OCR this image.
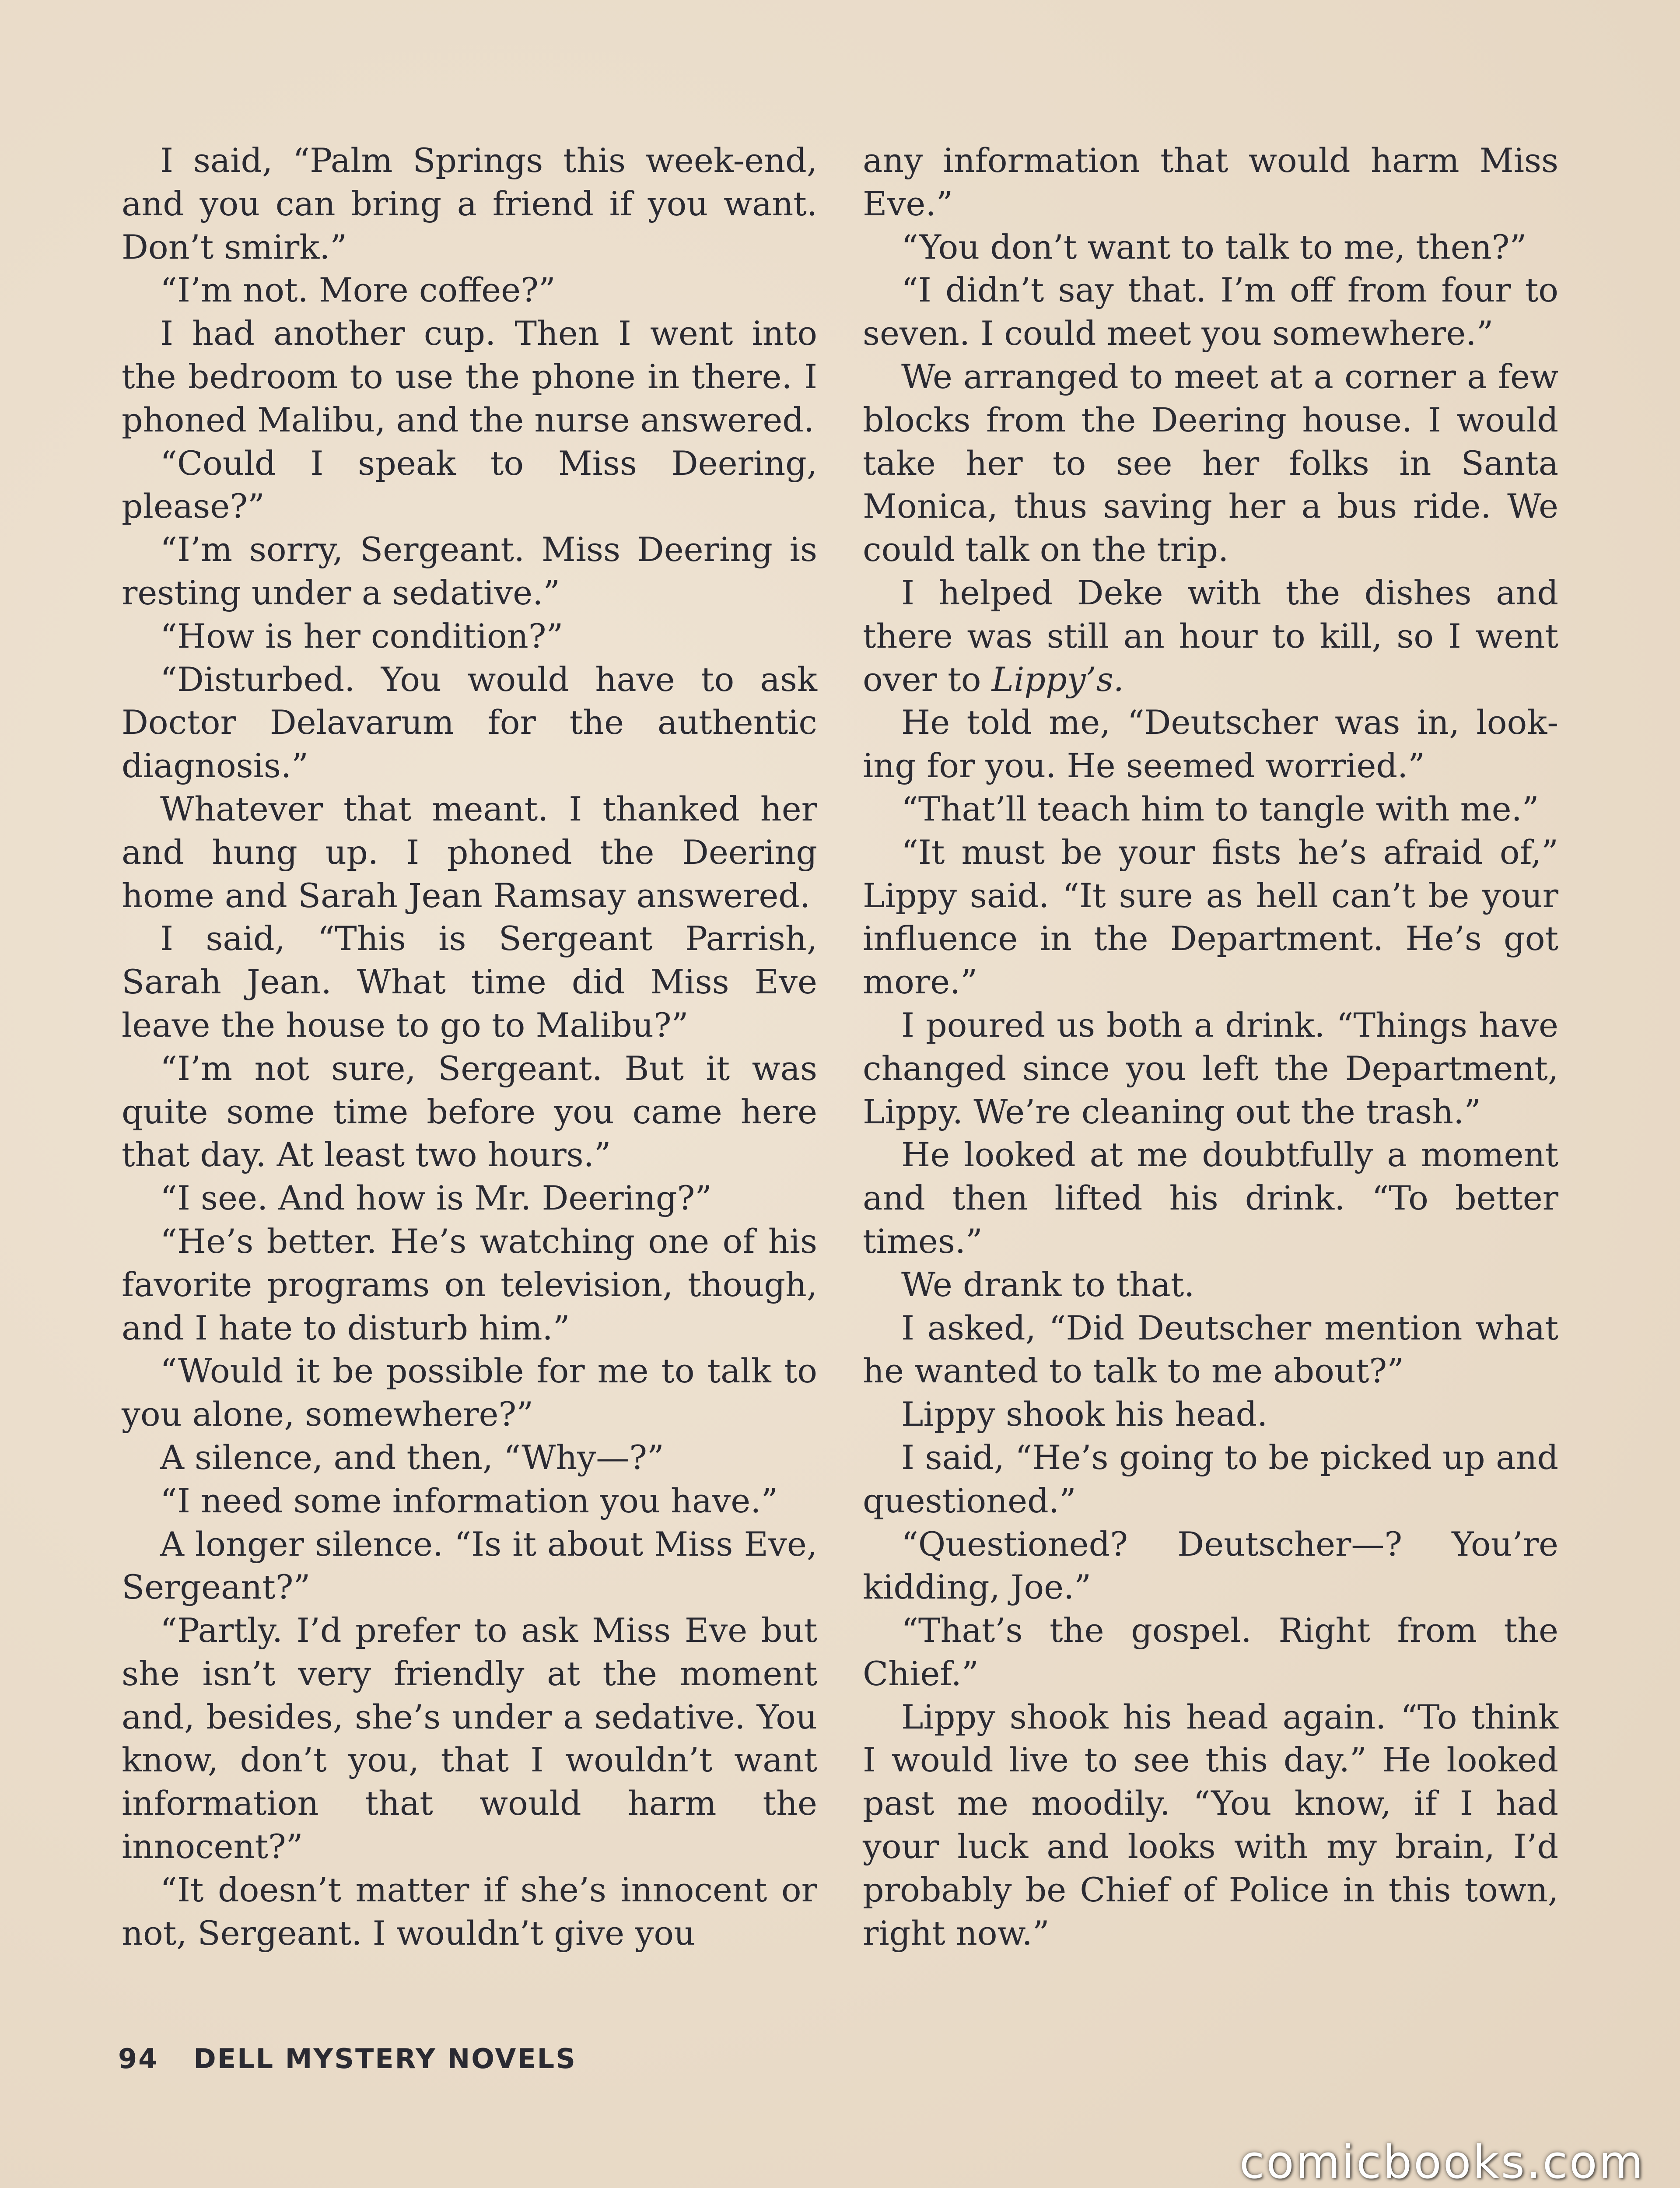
I said, “Palm Springs this week-end, and you can bring a friend if you want. Don’t smirk.”

“I’m not. More coffee?”

I had another cup. Then I went into the bedroom to use the phone in there. I phoned Malibu, and the nurse answered.

“Could I speak to Miss Deering, please?”

“I’m sorry, Sergeant. Miss Deering is resting under a sedative.”

“How is her condition?”

“Disturbed. You would have to ask Doctor Delavarum for the authentic diagnosis.”

Whatever that meant. I thanked her and hung up. I phoned the Deering home and Sarah Jean Ramsay answered.

I said, “This is Sergeant Parrish, Sarah Jean. What time did Miss Eve leave the house to go to Malibu?”

“I’m not sure, Sergeant. But it was quite some time before you came here that day. At least two hours.”

“I see. And how is Mr. Deering?”

“He’s better. He’s watching one of his favorite programs on television, though, and I hate to disturb him.”

“Would it be possible for me to talk to you alone, somewhere?”

A silence, and then, “Why—?”

“I need some information you have.”

A longer silence. “Is it about Miss Eve, Sergeant?”

“Partly. I’d prefer to ask Miss Eve but she isn’t very friendly at the moment and, besides, she’s under a sedative. You know, don’t you, that I wouldn’t want information that would harm the innocent?”

“It doesn’t matter if she’s innocent or not, Sergeant. I wouldn’t give you

any information that would harm Miss Eve.”

“You don’t want to talk to me, then?”

“I didn’t say that. I’m off from four to seven. I could meet you somewhere.”

We arranged to meet at a corner a few blocks from the Deering house. I would take her to see her folks in Santa Monica, thus saving her a bus ride. We could talk on the trip.

I helped Deke with the dishes and there was still an hour to kill, so I went over to Lippy’s.

He told me, “Deutscher was in, looking for you. He seemed worried.”

“That’ll teach him to tangle with me.”

“It must be your fists he’s afraid of,” Lippy said. “It sure as hell can’t be your influence in the Department. He’s got more.”

I poured us both a drink. “Things have changed since you left the Department, Lippy. We’re cleaning out the trash.”

He looked at me doubtfully a moment and then lifted his drink. “To better times.”

We drank to that.

I asked, “Did Deutscher mention what he wanted to talk to me about?”

Lippy shook his head.

I said, “He’s going to be picked up and questioned.”

“Questioned? Deutscher—? You’re kidding, Joe.”

“That’s the gospel. Right from the Chief.”

Lippy shook his head again. “To think I would live to see this day.” He looked past me moodily. “You know, if I had your luck and looks with my brain, I’d probably be Chief of Police in this town, right now.”

94 DELL MYSTERY NOVELS
comicbooks.com
